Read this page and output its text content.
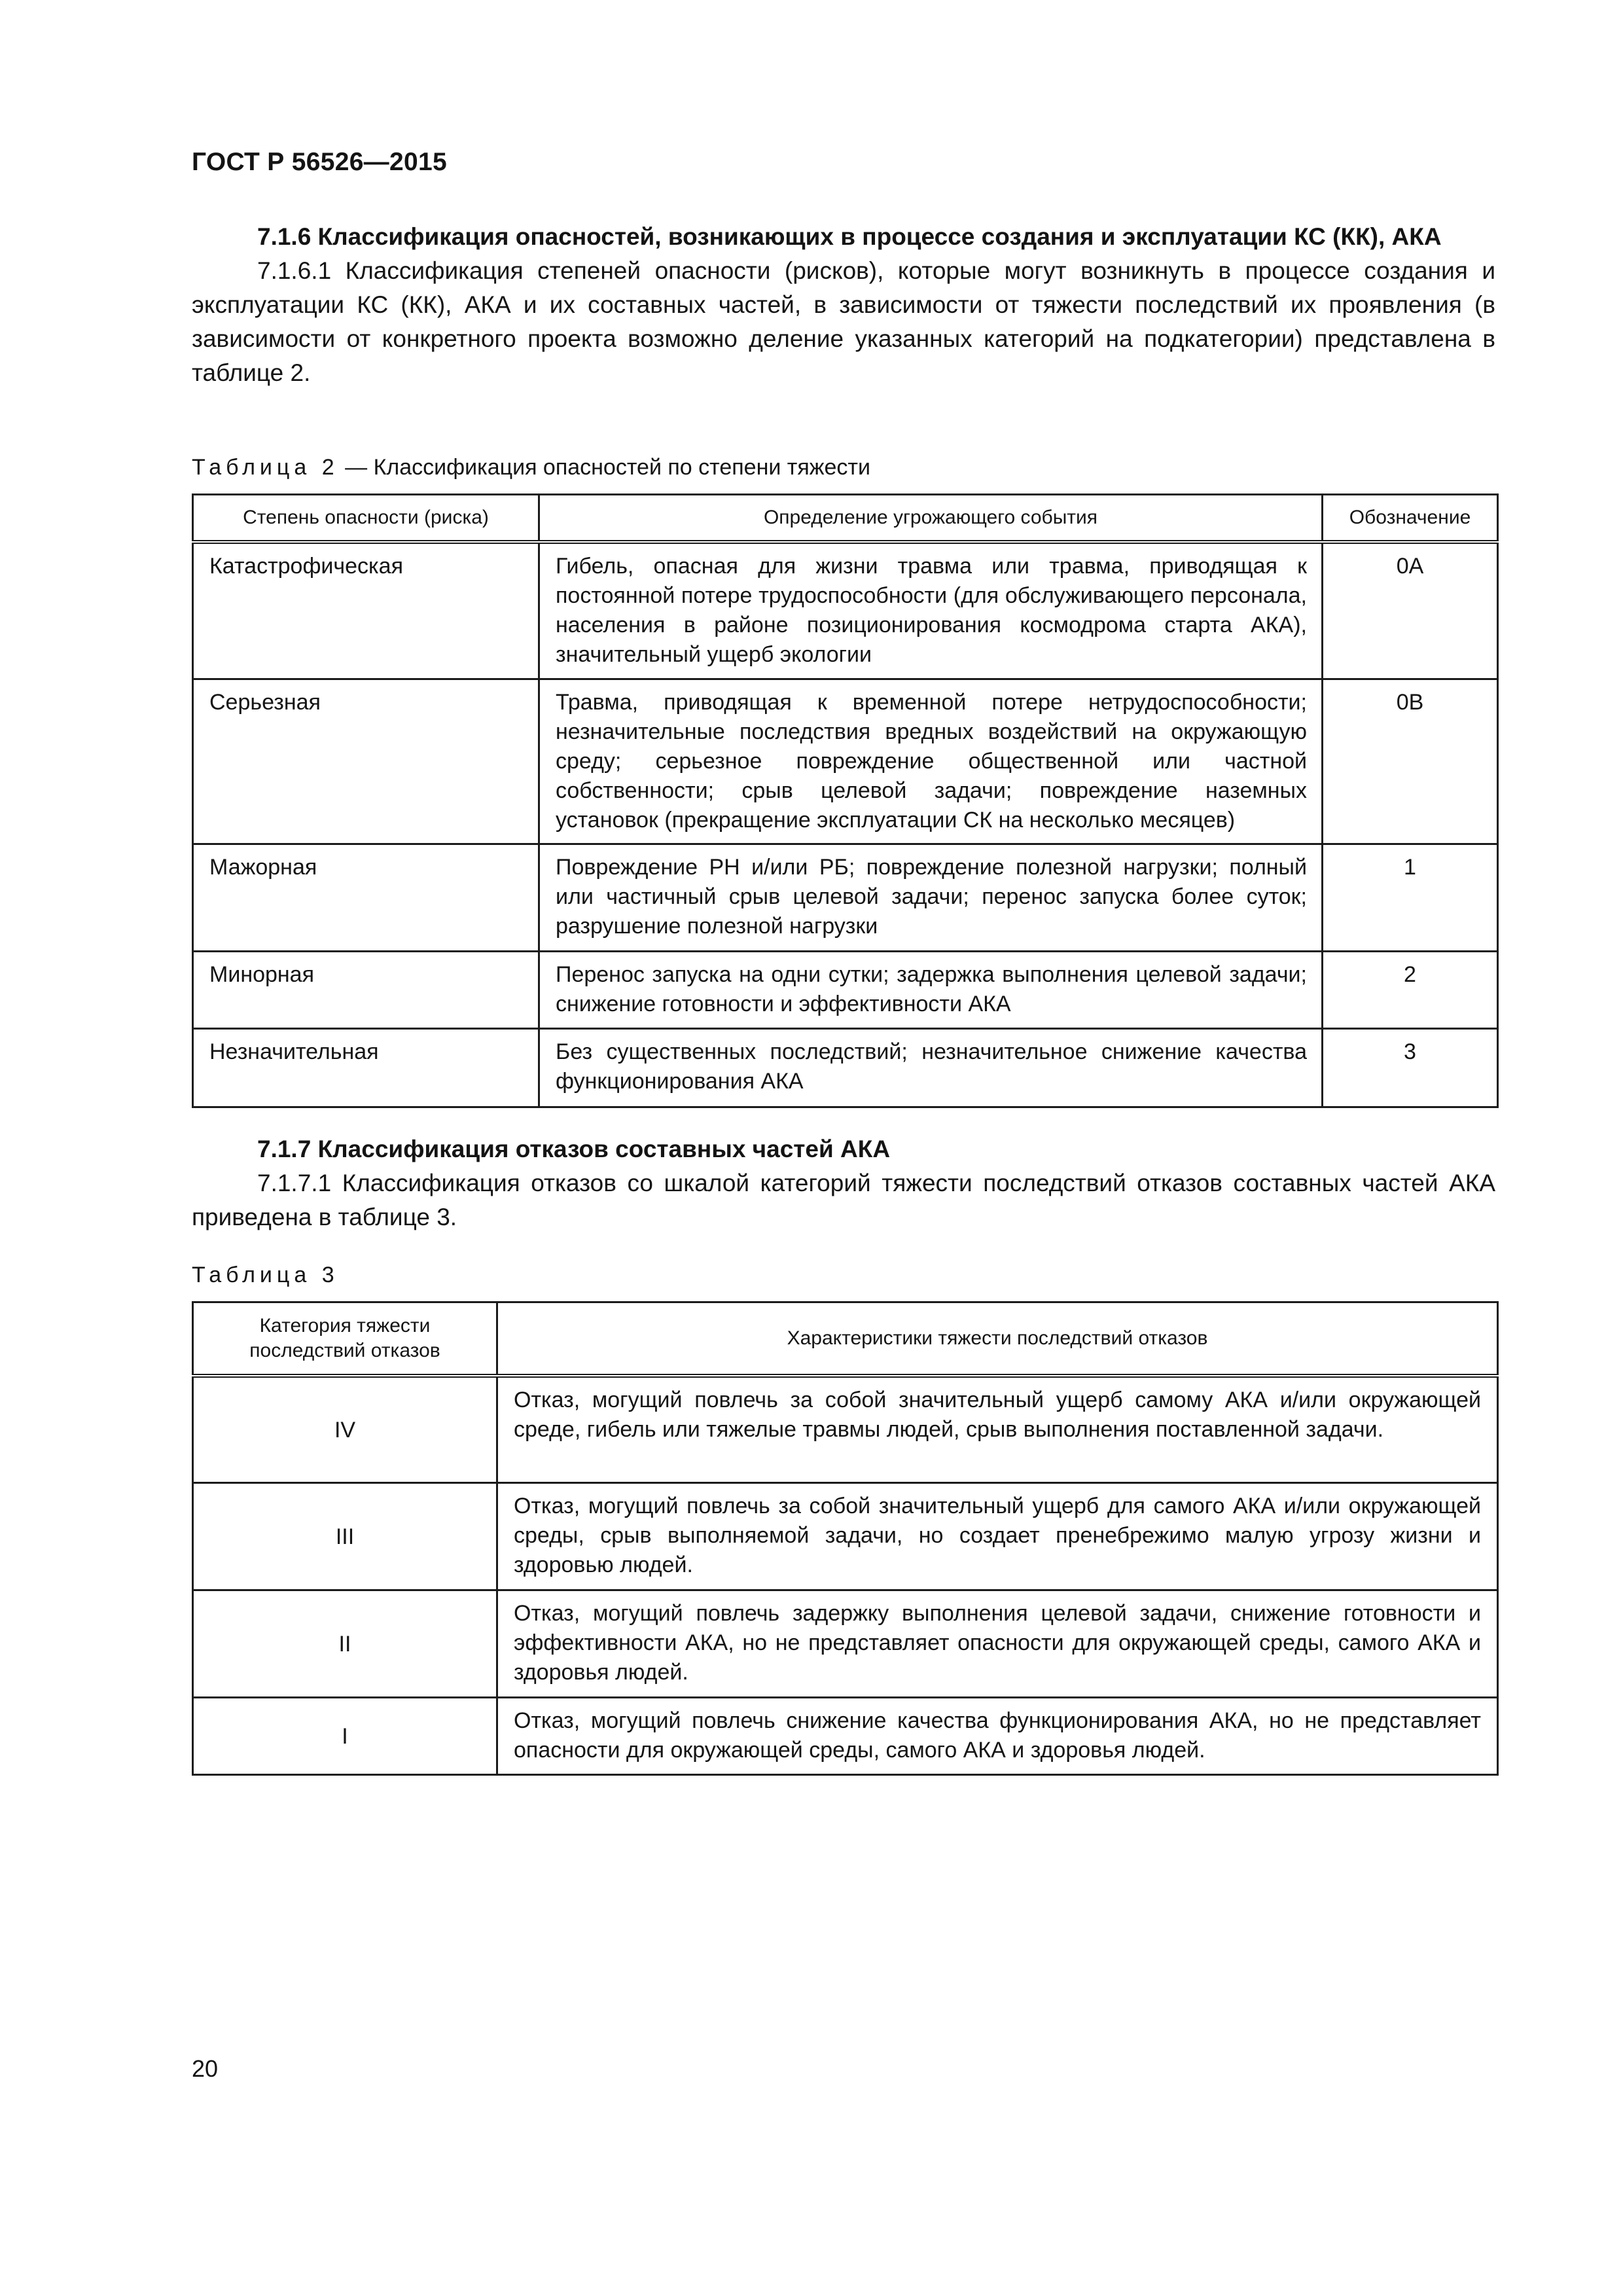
ГОСТ Р 56526—2015

7.1.6 Классификация опасностей, возникающих в процессе создания и эксплуатации КС (КК), АКА

7.1.6.1 Классификация степеней опасности (рисков), которые могут возникнуть в процессе создания и эксплуатации КС (КК), АКА и их составных частей, в зависимости от тяжести последствий их проявления (в зависимости от конкретного проекта возможно деление указанных категорий на подкатегории) представлена в таблице 2.

Таблица 2 — Классификация опасностей по степени тяжести
Степень опасности (риска)	Определение угрожающего события	Обозначение
Катастрофическая	Гибель, опасная для жизни травма или травма, приводящая к постоянной потере трудоспособности (для обслуживающего персонала, населения в районе позиционирования космодрома старта АКА), значительный ущерб экологии	0А
Серьезная	Травма, приводящая к временной потере нетрудоспособности; незначительные последствия вредных воздействий на окружающую среду; серьезное повреждение общественной или частной собственности; срыв целевой задачи; повреждение наземных установок (прекращение эксплуатации СК на несколько месяцев)	0В
Мажорная	Повреждение РН и/или РБ; повреждение полезной нагрузки; полный или частичный срыв целевой задачи; перенос запуска более суток; разрушение полезной нагрузки	1
Минорная	Перенос запуска на одни сутки; задержка выполнения целевой задачи; снижение готовности и эффективности АКА	2
Незначительная	Без существенных последствий; незначительное снижение качества функционирования АКА	3

7.1.7 Классификация отказов составных частей АКА

7.1.7.1 Классификация отказов со шкалой категорий тяжести последствий отказов составных частей АКА приведена в таблице 3.

Таблица 3
Категория тяжести последствий отказов	Характеристики тяжести последствий отказов
IV	Отказ, могущий повлечь за собой значительный ущерб самому АКА и/или окружающей среде, гибель или тяжелые травмы людей, срыв выполнения поставленной задачи.
III	Отказ, могущий повлечь за собой значительный ущерб для самого АКА и/или окружающей среды, срыв выполняемой задачи, но создает пренебрежимо малую угрозу жизни и здоровью людей.
II	Отказ, могущий повлечь задержку выполнения целевой задачи, снижение готовности и эффективности АКА, но не представляет опасности для окружающей среды, самого АКА и здоровья людей.
I	Отказ, могущий повлечь снижение качества функционирования АКА, но не представляет опасности для окружающей среды, самого АКА и здоровья людей.
20
